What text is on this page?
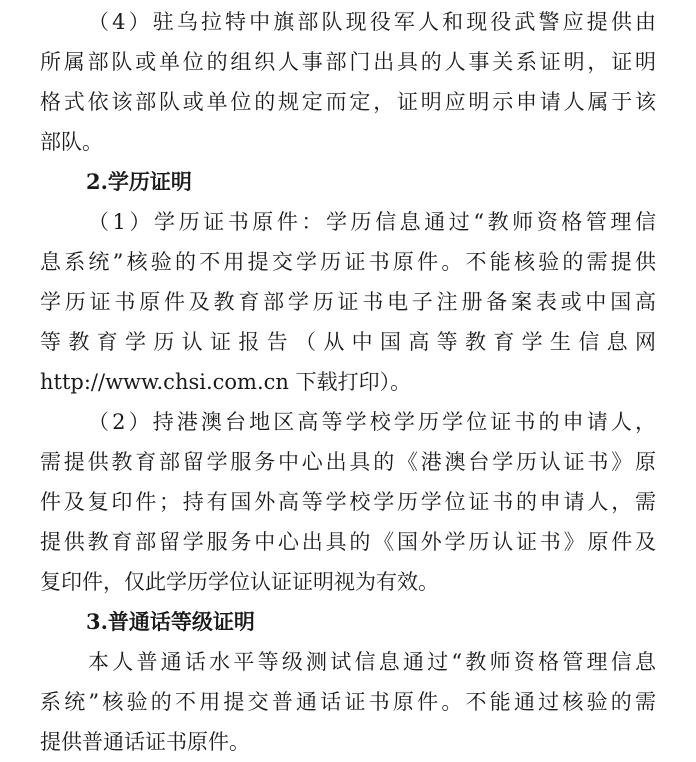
（4）驻乌拉特中旗部队现役军人和现役武警应提供由
所属部队或单位的组织人事部门出具的人事关系证明，证明
格式依该部队或单位的规定而定，证明应明示申请人属于该
部队。
2.学历证明
（1）学历证书原件：学历信息通过“教师资格管理信
息系统”核验的不用提交学历证书原件。不能核验的需提供
学历证书原件及教育部学历证书电子注册备案表或中国高
等教育学历认证报告（从中国高等教育学生信息网
http://www.chsi.com.cn 下载打印）。
（2）持港澳台地区高等学校学历学位证书的申请人，
需提供教育部留学服务中心出具的《港澳台学历认证书》原
件及复印件；持有国外高等学校学历学位证书的申请人，需
提供教育部留学服务中心出具的《国外学历认证书》原件及
复印件，仅此学历学位认证证明视为有效。
3.普通话等级证明
本人普通话水平等级测试信息通过“教师资格管理信息
系统”核验的不用提交普通话证书原件。不能通过核验的需
提供普通话证书原件。
